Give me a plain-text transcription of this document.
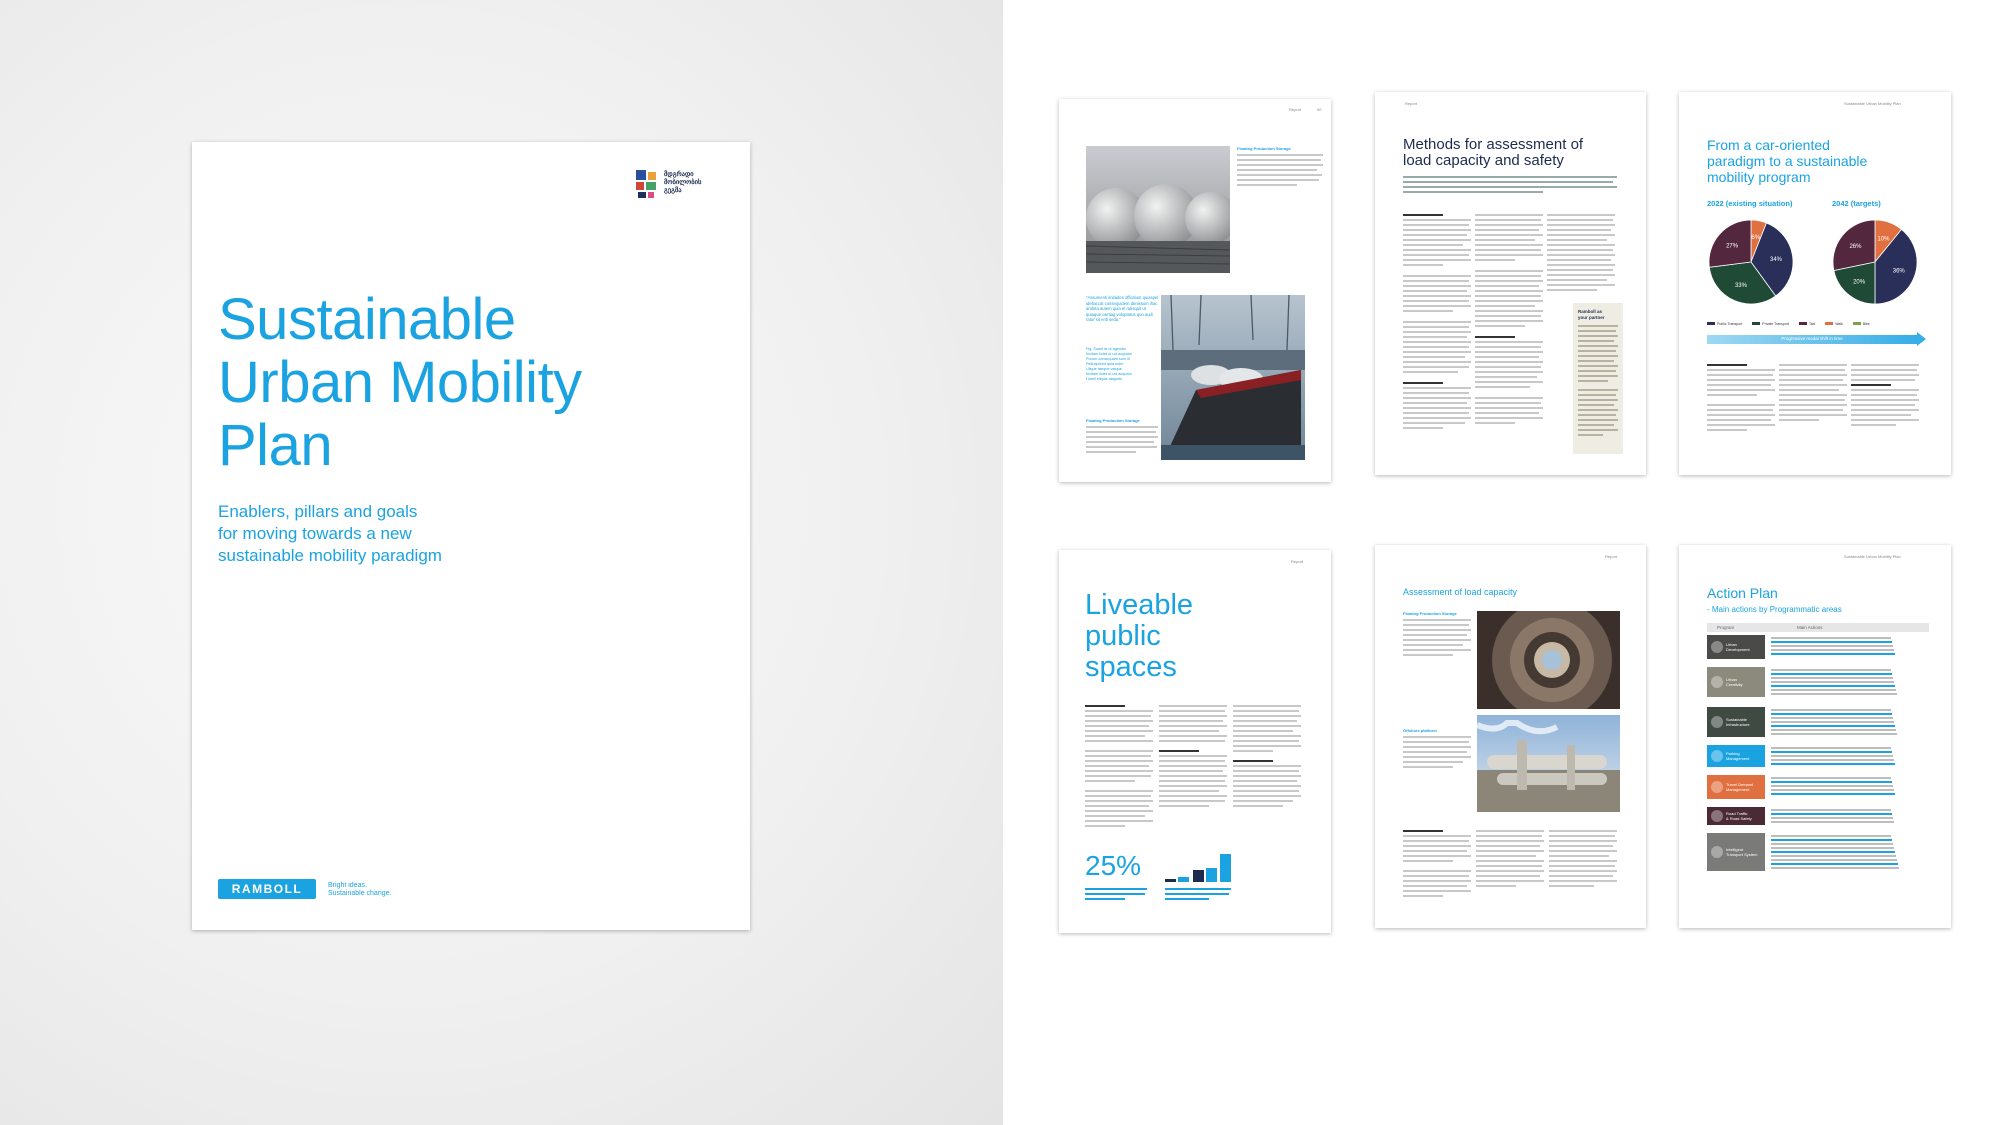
მდგრადი
მობილობის
გეგმა
Sustainable
Urban Mobility
Plan
Enablers, pillars and goals
for moving towards a new
sustainable mobility paradigm
RAMBOLL	Bright ideas.
Sustainable change.
Report	00
Floating Production Storage
"Assumenti imitades officitium quiaspel idellaccat consequidem denissum ihac aroleta autem quia et ratisquit ut quiaque cwrtiag voluptatus quo audi ratur sit enti seda."
Fig. Sumit at ut agendis
Invitam lictet ut uci acquam
Porum consequam sum ili
Pelluaptiunt quia enim
Ulique taeque vatque
Invitam lictet ut uci acquam
Humil eliquis alagnitu
Floating Production Storage
Report
Methods for assessment of
load capacity and safety
Ramboll as
your partner
Sustainable Urban Mobility Plan
From a car-oriented
paradigm to a sustainable
mobility program
2022 (existing situation)	2042 (targets)
6%
34%
33%
27%
10%
36%
20%
26%
Public Transport	Private Transport	Taxi	Walk	Bike
Progressive modal shift in time
Report
Liveable
public
spaces
25%
Report
Assessment of load capacity
Floating Production Storage
Offshore platform
Sustainable Urban Mobility Plan
Action Plan
- Main actions by Programmatic areas
Program	Main Actions
Urban
Development
Urban
Creativity
Sustainable
Infrastructure
Parking
Management
Travel Demand
Management
Road Traffic
& Road Safety
Intelligent
Transport System
